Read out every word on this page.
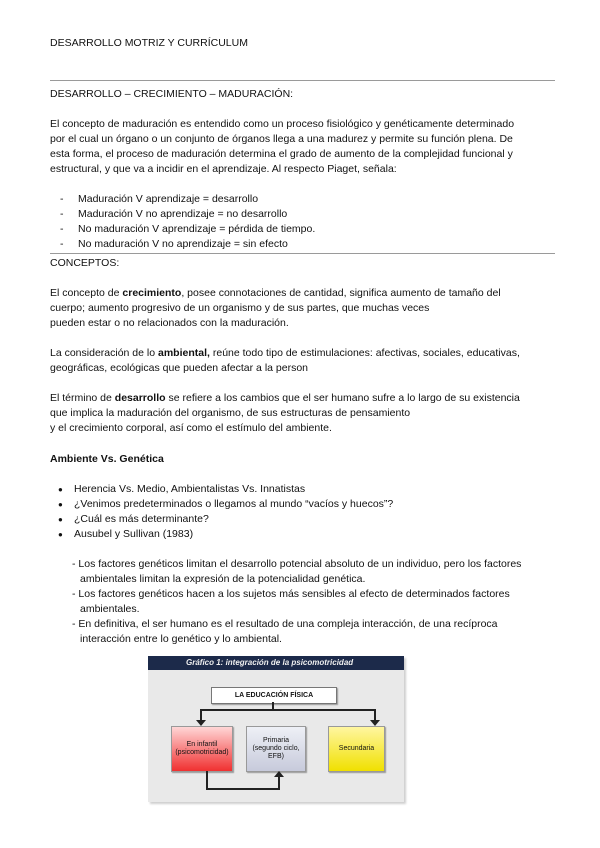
DESARROLLO MOTRIZ Y CURRÍCULUM

DESARROLLO – CRECIMIENTO – MADURACIÓN:

El concepto de maduración es entendido como un proceso fisiológico y genéticamente determinado

por el cual un órgano o un conjunto de órganos llega a una madurez y permite su función plena. De

esta forma, el proceso de maduración determina el grado de aumento de la complejidad funcional y

estructural, y que va a incidir en el aprendizaje. Al respecto Piaget, señala:

- Maduración V aprendizaje = desarrollo
- Maduración V no aprendizaje = no desarrollo
- No maduración V aprendizaje = pérdida de tiempo.
- No maduración V no aprendizaje = sin efecto

CONCEPTOS:

El concepto de crecimiento, posee connotaciones de cantidad, significa aumento de tamaño del

cuerpo; aumento progresivo de un organismo y de sus partes, que muchas veces

pueden estar o no relacionados con la maduración.

La consideración de lo ambiental, reúne todo tipo de estimulaciones: afectivas, sociales, educativas,

geográficas, ecológicas que pueden afectar a la person

El término de desarrollo se refiere a los cambios que el ser humano sufre a lo largo de su existencia

que implica la maduración del organismo, de sus estructuras de pensamiento

y el crecimiento corporal, así como el estímulo del ambiente.

Ambiente Vs. Genética

● Herencia Vs. Medio, Ambientalistas Vs. Innatistas
● ¿Venimos predeterminados o llegamos al mundo “vacíos y huecos”?
● ¿Cuál es más determinante?
● Ausubel y Sullivan (1983)
- Los factores genéticos limitan el desarrollo potencial absoluto de un individuo, pero los factores
ambientales limitan la expresión de la potencialidad genética.
- Los factores genéticos hacen a los sujetos más sensibles al efecto de determinados factores
ambientales.
- En definitiva, el ser humano es el resultado de una compleja interacción, de una recíproca
interacción entre lo genético y lo ambiental.
Gráfico 1: integración de la psicomotricidad
LA EDUCACIÓN FÍSICA
En infantil
(psicomotricidad)
Primaria
(segundo ciclo, EFB)
Secundaria
